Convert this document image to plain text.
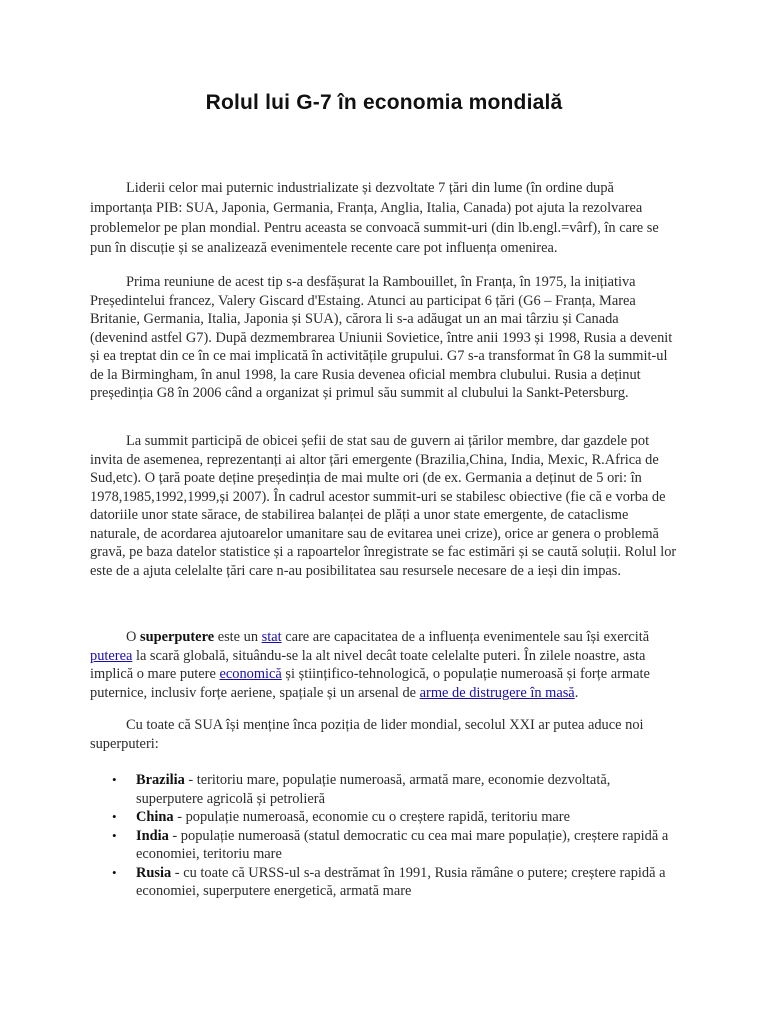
Rolul lui G-7 în economia mondială

Liderii celor mai puternic industrializate și dezvoltate 7 țări din lume (în ordine după importanța PIB: SUA, Japonia, Germania, Franța, Anglia, Italia, Canada) pot ajuta la rezolvarea problemelor pe plan mondial. Pentru aceasta se convoacă summit-uri (din lb.engl.=vârf), în care se pun în discuție și se analizează evenimentele recente care pot influența omenirea.

Prima reuniune de acest tip s-a desfășurat la Rambouillet, în Franța, în 1975, la inițiativa Președintelui francez, Valery Giscard d'Estaing. Atunci au participat 6 țări (G6 – Franța, Marea Britanie, Germania, Italia, Japonia și SUA), cărora li s-a adăugat un an mai târziu și Canada (devenind astfel G7). După dezmembrarea Uniunii Sovietice, între anii 1993 și 1998, Rusia a devenit și ea treptat din ce în ce mai implicată în activitățile grupului. G7 s-a transformat în G8 la summit-ul de la Birmingham, în anul 1998, la care Rusia devenea oficial membra clubului. Rusia a deținut președinția G8 în 2006 când a organizat și primul său summit al clubului la Sankt-Petersburg.

La summit participă de obicei șefii de stat sau de guvern ai țărilor membre, dar gazdele pot invita de asemenea, reprezentanți ai altor țări emergente (Brazilia,China, India, Mexic, R.Africa de Sud,etc). O țară poate deține președinția de mai multe ori (de ex. Germania a deținut de 5 ori: în 1978,1985,1992,1999,și 2007). În cadrul acestor summit-uri se stabilesc obiective (fie că e vorba de datoriile unor state sărace, de stabilirea balanței de plăți a unor state emergente, de cataclisme naturale, de acordarea ajutoarelor umanitare sau de evitarea unei crize), orice ar genera o problemă gravă, pe baza datelor statistice și a rapoartelor înregistrate se fac estimări și se caută soluții. Rolul lor este de a ajuta celelalte țări care n-au posibilitatea sau resursele necesare de a ieși din impas.

O superputere este un stat care are capacitatea de a influența evenimentele sau își exercită puterea la scară globală, situându-se la alt nivel decât toate celelalte puteri. În zilele noastre, asta implică o mare putere economică și științifico-tehnologică, o populație numeroasă și forțe armate puternice, inclusiv forțe aeriene, spațiale și un arsenal de arme de distrugere în masă.

Cu toate că SUA își menține înca poziția de lider mondial, secolul XXI ar putea aduce noi superputeri:

• Brazilia - teritoriu mare, populație numeroasă, armată mare, economie dezvoltată, superputere agricolă și petrolieră
• China - populație numeroasă, economie cu o creștere rapidă, teritoriu mare
• India - populație numeroasă (statul democratic cu cea mai mare populație), creștere rapidă a economiei, teritoriu mare
• Rusia - cu toate că URSS-ul s-a destrămat în 1991, Rusia rămâne o putere; creștere rapidă a economiei, superputere energetică, armată mare
